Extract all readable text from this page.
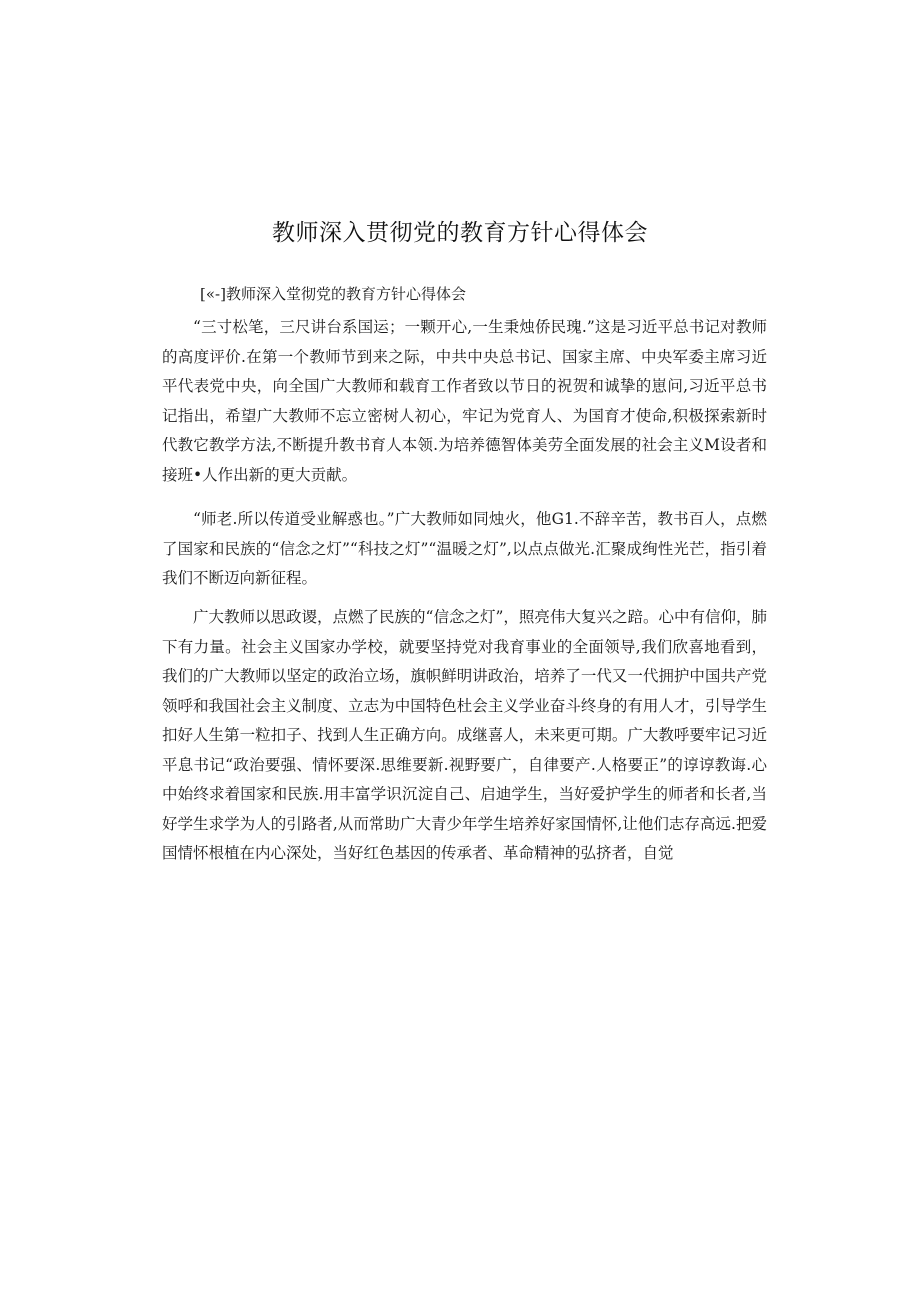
教师深入贯彻党的教育方针心得体会

[«-]教师深入堂彻党的教育方针心得体会

“三寸松笔，三尺讲台系国运；一颗开心,一生秉烛侨民瑰.”这是习近平总书记对教师的高度评价.在第一个教师节到来之际，中共中央总书记、国家主席、中央军委主席习近平代表党中央，向全国广大教师和载育工作者致以节日的祝贺和诚挚的崽问,习近平总书记指出，希望广大教师不忘立密树人初心，牢记为党育人、为国育才使命,积极探索新时代教它教学方法,不断提升教书育人本领.为培养德智体美劳全面发展的社会主义M设者和接班•人作出新的更大贡献。

“师老.所以传道受业解惑也。”广大教师如同烛火，他G1.不辞辛苦，教书百人，点燃了国家和民族的“信念之灯”“科技之灯”“温暖之灯”,以点点做光.汇聚成绚性光芒，指引着我们不断迈向新征程。

广大教师以思政谡，点燃了民族的“信念之灯”，照亮伟大复兴之踣。心中有信仰，肺下有力量。社会主义国家办学校，就要坚持党对我育事业的全面领导,我们欣喜地看到，我们的广大教师以坚定的政治立场，旗帜鲜明讲政治，培养了一代又一代拥护中国共产党领呼和我国社会主义制度、立志为中国特色杜会主义学业奋斗终身的有用人才，引导学生扣好人生第一粒扣子、找到人生正确方向。成继喜人，未来更可期。广大教呼要牢记习近平息书记“政治要强、情怀要深.思维要新.视野要广，自律要产.人格要正”的谆谆教诲.心中始终求着国家和民族.用丰富学识沉淀自己、启迪学生，当好爱护学生的师者和长者,当好学生求学为人的引路者,从而常助广大青少年学生培养好家国情怀,让他们志存高远.把爱国情怀根植在内心深处，当好红色基因的传承者、革命精神的弘挤者，自觉
